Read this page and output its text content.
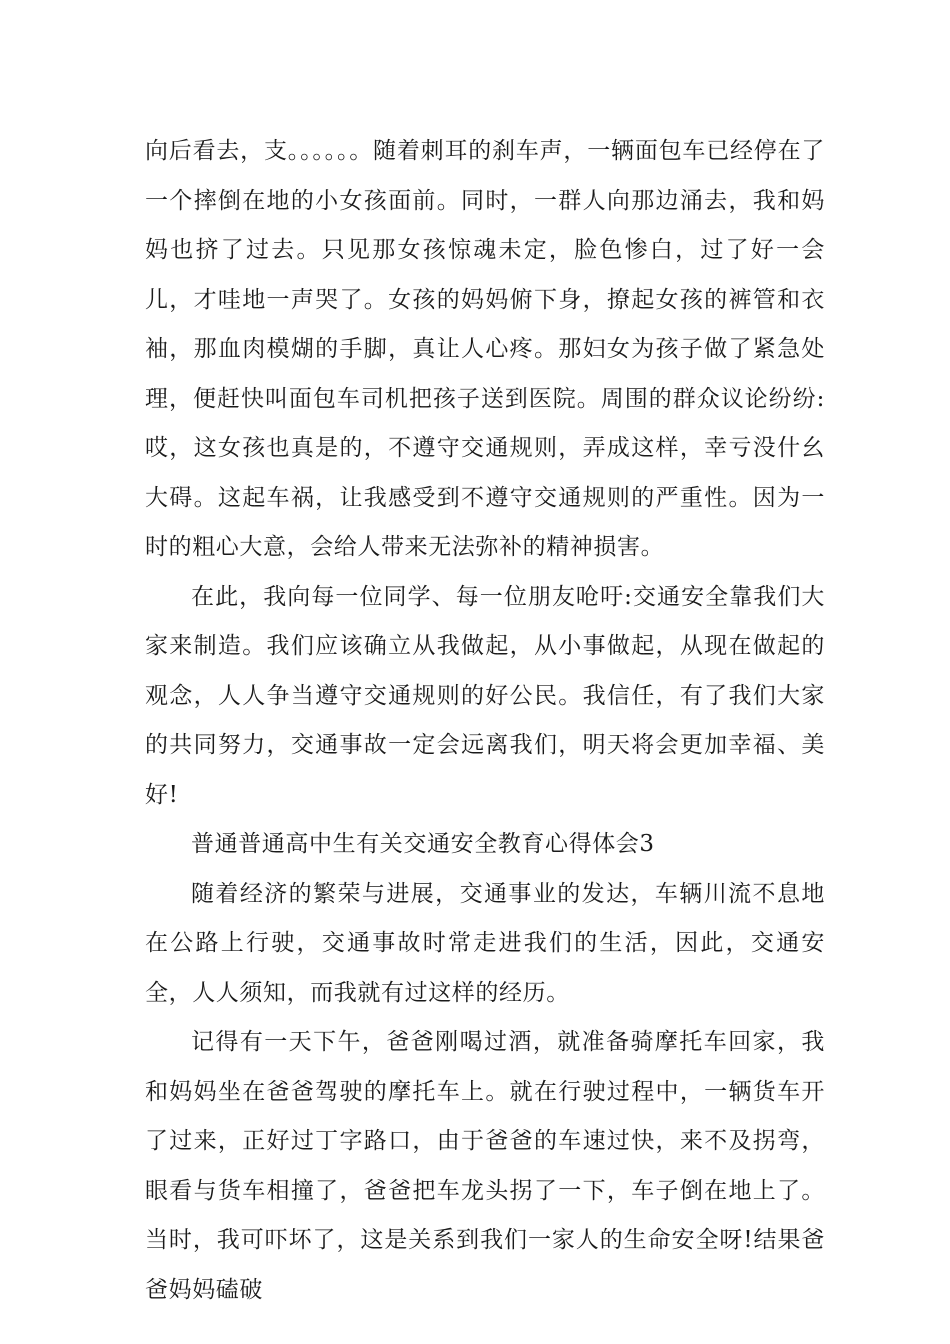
向后看去，支。。。。。。随着刺耳的刹车声，一辆面包车已经停在了一个摔倒在地的小女孩面前。同时，一群人向那边涌去，我和妈妈也挤了过去。只见那女孩惊魂未定，脸色惨白，过了好一会儿，才哇地一声哭了。女孩的妈妈俯下身，撩起女孩的裤管和衣袖，那血肉模煳的手脚，真让人心疼。那妇女为孩子做了紧急处理，便赶快叫面包车司机把孩子送到医院。周围的群众议论纷纷:哎，这女孩也真是的，不遵守交通规则，弄成这样，幸亏没什幺大碍。这起车祸，让我感受到不遵守交通规则的严重性。因为一时的粗心大意，会给人带来无法弥补的精神损害。

在此，我向每一位同学、每一位朋友呛吁:交通安全靠我们大家来制造。我们应该确立从我做起，从小事做起，从现在做起的观念，人人争当遵守交通规则的好公民。我信任，有了我们大家的共同努力，交通事故一定会远离我们，明天将会更加幸福、美好!

普通普通高中生有关交通安全教育心得体会3

随着经济的繁荣与进展，交通事业的发达，车辆川流不息地在公路上行驶，交通事故时常走进我们的生活，因此，交通安全，人人须知，而我就有过这样的经历。

记得有一天下午，爸爸刚喝过酒，就准备骑摩托车回家，我和妈妈坐在爸爸驾驶的摩托车上。就在行驶过程中，一辆货车开了过来，正好过丁字路口，由于爸爸的车速过快，来不及拐弯，眼看与货车相撞了，爸爸把车龙头拐了一下，车子倒在地上了。当时，我可吓坏了，这是关系到我们一家人的生命安全呀!结果爸爸妈妈磕破
